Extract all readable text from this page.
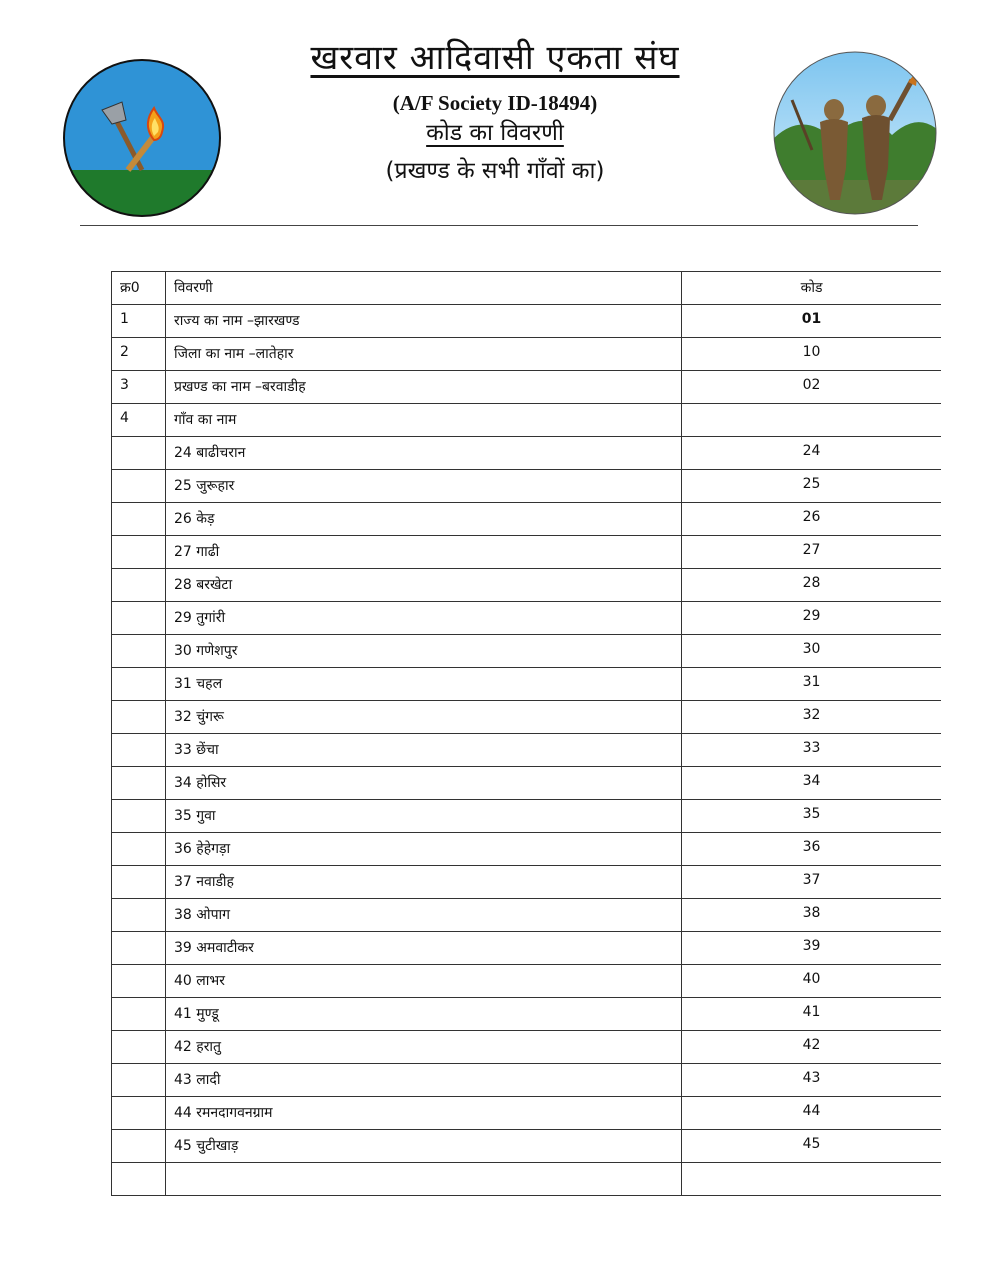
खरवार आदिवासी एकता संघ
(A/F Society ID-18494)
कोड का विवरणी
(प्रखण्ड के सभी गाँवों का)
क्र0	विवरणी	कोड
1	राज्य का नाम –झारखण्ड	01
2	जिला का नाम –लातेहार	10
3	प्रखण्ड का नाम –बरवाडीह	02
4	गाँव का नाम	
	24 बाढीचरान	24
	25 जुरूहार	25
	26 केड़	26
	27 गाढी	27
	28 बरखेटा	28
	29 तुगांरी	29
	30 गणेशपुर	30
	31 चहल	31
	32 चुंगरू	32
	33 छेंचा	33
	34 होसिर	34
	35 गुवा	35
	36 हेहेगड़ा	36
	37 नवाडीह	37
	38 ओपाग	38
	39 अमवाटीकर	39
	40 लाभर	40
	41 मुण्डू	41
	42 हरातु	42
	43 लादी	43
	44 रमनदागवनग्राम	44
	45 चुटीखाड़	45
